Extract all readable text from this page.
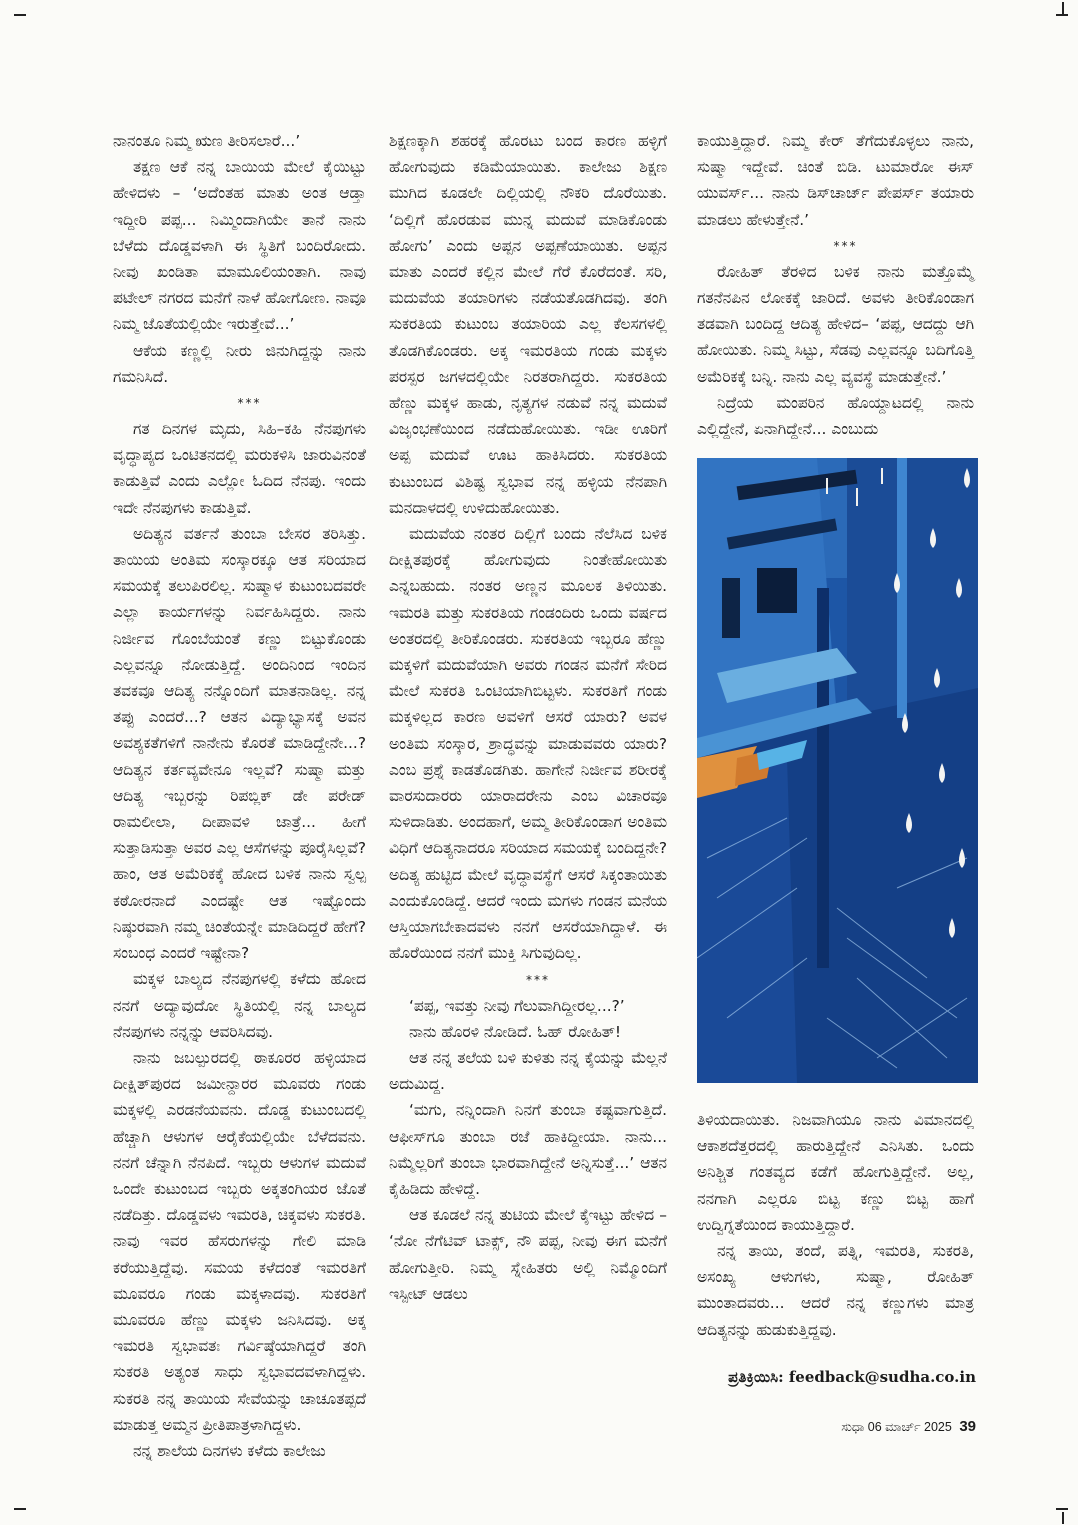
ನಾನಂತೂ ನಿಮ್ಮ ಋಣ ತೀರಿಸಲಾರೆ...’

ತಕ್ಷಣ ಆಕೆ ನನ್ನ ಬಾಯಿಯ ಮೇಲೆ ಕೈಯಿಟ್ಟು ಹೇಳಿದಳು – ‘ಅದೆಂತಹ ಮಾತು ಅಂತ ಆಡ್ತಾ ಇದ್ದೀರಿ ಪಪ್ಪ... ನಿಮ್ಮಿಂದಾಗಿಯೇ ತಾನೆ ನಾನು ಬೆಳೆದು ದೊಡ್ಡವಳಾಗಿ ಈ ಸ್ಥಿತಿಗೆ ಬಂದಿರೋದು. ನೀವು ಖಂಡಿತಾ ಮಾಮೂಲಿಯಂತಾಗಿ. ನಾವು ಪಟೇಲ್ ನಗರದ ಮನೆಗೆ ನಾಳೆ ಹೋಗೋಣ. ನಾವೂ ನಿಮ್ಮ ಜೊತೆಯಲ್ಲಿಯೇ ಇರುತ್ತೇವೆ...’

ಆಕೆಯ ಕಣ್ಣಲ್ಲಿ ನೀರು ಜಿನುಗಿದ್ದನ್ನು ನಾನು ಗಮನಿಸಿದೆ.

***

ಗತ ದಿನಗಳ ಮೃದು, ಸಿಹಿ–ಕಹಿ ನೆನಪುಗಳು ವೃದ್ಧಾಪ್ಯದ ಒಂಟಿತನದಲ್ಲಿ ಮರುಕಳಿಸಿ ಜಾರುವಿನಂತೆ ಕಾಡುತ್ತಿವೆ ಎಂದು ಎಲ್ಲೋ ಓದಿದ ನೆನಪು. ಇಂದು ಇದೇ ನೆನಪುಗಳು ಕಾಡುತ್ತಿವೆ.

ಅದಿತ್ಯನ ವರ್ತನೆ ತುಂಬಾ ಬೇಸರ ತರಿಸಿತ್ತು. ತಾಯಿಯ ಅಂತಿಮ ಸಂಸ್ಕಾರಕ್ಕೂ ಆತ ಸರಿಯಾದ ಸಮಯಕ್ಕೆ ತಲುಪಿರಲಿಲ್ಲ. ಸುಷ್ಮಾಳ ಕುಟುಂಬದವರೇ ಎಲ್ಲಾ ಕಾರ್ಯಗಳನ್ನು ನಿರ್ವಹಿಸಿದ್ದರು. ನಾನು ನಿರ್ಜೀವ ಗೊಂಬೆಯಂತೆ ಕಣ್ಣು ಬಿಟ್ಟುಕೊಂಡು ಎಲ್ಲವನ್ನೂ ನೋಡುತ್ತಿದ್ದೆ. ಅಂದಿನಿಂದ ಇಂದಿನ ತವಕವೂ ಆದಿತ್ಯ ನನ್ನೊಂದಿಗೆ ಮಾತನಾಡಿಲ್ಲ. ನನ್ನ ತಪ್ಪು ಎಂದರೆ...? ಆತನ ವಿದ್ಯಾಭ್ಯಾಸಕ್ಕೆ ಅವನ ಅವಶ್ಯಕತೆಗಳಿಗೆ ನಾನೇನು ಕೊರತೆ ಮಾಡಿದ್ದೇನೇ...? ಆದಿತ್ಯನ ಕರ್ತವ್ಯವೇನೂ ಇಲ್ಲವೆ? ಸುಷ್ಮಾ ಮತ್ತು ಆದಿತ್ಯ ಇಬ್ಬರನ್ನು ರಿಪಬ್ಲಿಕ್ ಡೇ ಪರೇಡ್ ರಾಮಲೀಲಾ, ದೀಪಾವಳಿ ಜಾತ್ರೆ... ಹೀಗೆ ಸುತ್ತಾಡಿಸುತ್ತಾ ಅವರ ಎಲ್ಲ ಆಸೆಗಳನ್ನು ಪೂರೈಸಿಲ್ಲವೆ? ಹಾಂ, ಆತ ಅಮೆರಿಕಕ್ಕೆ ಹೋದ ಬಳಿಕ ನಾನು ಸ್ವಲ್ಪ ಕಠೋರನಾದೆ ಎಂದಷ್ಟೇ ಆತ ಇಷ್ಟೊಂದು ನಿಷ್ಠುರವಾಗಿ ನಮ್ಮ ಚಿಂತೆಯನ್ನೇ ಮಾಡಿದಿದ್ದರೆ ಹೇಗೆ? ಸಂಬಂಧ ಎಂದರೆ ಇಷ್ಟೇನಾ?

ಮಕ್ಕಳ ಬಾಲ್ಯದ ನೆನಪುಗಳಲ್ಲಿ ಕಳೆದು ಹೋದ ನನಗೆ ಅದ್ಯಾವುದೋ ಸ್ಥಿತಿಯಲ್ಲಿ ನನ್ನ ಬಾಲ್ಯದ ನೆನಪುಗಳು ನನ್ನನ್ನು ಆವರಿಸಿದವು.

ನಾನು ಜಬಲ್ಪುರದಲ್ಲಿ ಠಾಕೂರರ ಹಳ್ಳಿಯಾದ ದೀಕ್ಷಿತ್‌ಪುರದ ಜಮೀನ್ದಾರರ ಮೂವರು ಗಂಡು ಮಕ್ಕಳಲ್ಲಿ ಎರಡನೆಯವನು. ದೊಡ್ಡ ಕುಟುಂಬದಲ್ಲಿ ಹೆಚ್ಚಾಗಿ ಆಳುಗಳ ಆರೈಕೆಯಲ್ಲಿಯೇ ಬೆಳೆದವನು. ನನಗೆ ಚೆನ್ನಾಗಿ ನೆನಪಿದೆ. ಇಬ್ಬರು ಆಳುಗಳ ಮದುವೆ ಒಂದೇ ಕುಟುಂಬದ ಇಬ್ಬರು ಅಕ್ಕತಂಗಿಯರ ಜೊತೆ ನಡೆದಿತ್ತು. ದೊಡ್ಡವಳು ಇಮರತಿ, ಚಿಕ್ಕವಳು ಸುಕರತಿ. ನಾವು ಇವರ ಹೆಸರುಗಳನ್ನು ಗೇಲಿ ಮಾಡಿ ಕರೆಯುತ್ತಿದ್ದೆವು. ಸಮಯ ಕಳೆದಂತೆ ಇಮರತಿಗೆ ಮೂವರೂ ಗಂಡು ಮಕ್ಕಳಾದವು. ಸುಕರತಿಗೆ ಮೂವರೂ ಹೆಣ್ಣು ಮಕ್ಕಳು ಜನಿಸಿದವು. ಅಕ್ಕ ಇಮರತಿ ಸ್ವಭಾವತಃ ಗರ್ವಿಷ್ಠೆಯಾಗಿದ್ದರೆ ತಂಗಿ ಸುಕರತಿ ಅತ್ಯಂತ ಸಾಧು ಸ್ವಭಾವದವಳಾಗಿದ್ದಳು. ಸುಕರತಿ ನನ್ನ ತಾಯಿಯ ಸೇವೆಯನ್ನು ಚಾಚೂತಪ್ಪದೆ ಮಾಡುತ್ತ ಅಮ್ಮನ ಪ್ರೀತಿಪಾತ್ರಳಾಗಿದ್ದಳು.

ನನ್ನ ಶಾಲೆಯ ದಿನಗಳು ಕಳೆದು ಕಾಲೇಜು

ಶಿಕ್ಷಣಕ್ಕಾಗಿ ಶಹರಕ್ಕೆ ಹೊರಟು ಬಂದ ಕಾರಣ ಹಳ್ಳಿಗೆ ಹೋಗುವುದು ಕಡಿಮೆಯಾಯಿತು. ಕಾಲೇಜು ಶಿಕ್ಷಣ ಮುಗಿದ ಕೂಡಲೇ ದಿಲ್ಲಿಯಲ್ಲಿ ನೌಕರಿ ದೊರೆಯಿತು. ‘ದಿಲ್ಲಿಗೆ ಹೊರಡುವ ಮುನ್ನ ಮದುವೆ ಮಾಡಿಕೊಂಡು ಹೋಗು’ ಎಂದು ಅಪ್ಪನ ಅಪ್ಪಣೆಯಾಯಿತು. ಅಪ್ಪನ ಮಾತು ಎಂದರೆ ಕಲ್ಲಿನ ಮೇಲೆ ಗೆರೆ ಕೊರೆದಂತೆ. ಸರಿ, ಮದುವೆಯ ತಯಾರಿಗಳು ನಡೆಯತೊಡಗಿದವು. ತಂಗಿ ಸುಕರತಿಯ ಕುಟುಂಬ ತಯಾರಿಯ ಎಲ್ಲ ಕೆಲಸಗಳಲ್ಲಿ ತೊಡಗಿಕೊಂಡರು. ಅಕ್ಕ ಇಮರತಿಯ ಗಂಡು ಮಕ್ಕಳು ಪರಸ್ಪರ ಜಗಳದಲ್ಲಿಯೇ ನಿರತರಾಗಿದ್ದರು. ಸುಕರತಿಯ ಹೆಣ್ಣು ಮಕ್ಕಳ ಹಾಡು, ನೃತ್ಯಗಳ ನಡುವೆ ನನ್ನ ಮದುವೆ ವಿಜೃಂಭಣೆಯಿಂದ ನಡೆದುಹೋಯಿತು. ಇಡೀ ಊರಿಗೆ ಅಪ್ಪ ಮದುವೆ ಊಟ ಹಾಕಿಸಿದರು. ಸುಕರತಿಯ ಕುಟುಂಬದ ವಿಶಿಷ್ಟ ಸ್ವಭಾವ ನನ್ನ ಹಳ್ಳಿಯ ನೆನಪಾಗಿ ಮನದಾಳದಲ್ಲಿ ಉಳಿದುಹೋಯಿತು.

ಮದುವೆಯ ನಂತರ ದಿಲ್ಲಿಗೆ ಬಂದು ನೆಲೆಸಿದ ಬಳಿಕ ದೀಕ್ಷಿತಪುರಕ್ಕೆ ಹೋಗುವುದು ನಿಂತೇಹೋಯಿತು ಎನ್ನಬಹುದು. ನಂತರ ಅಣ್ಣನ ಮೂಲಕ ತಿಳಿಯಿತು. ಇಮರತಿ ಮತ್ತು ಸುಕರತಿಯ ಗಂಡಂದಿರು ಒಂದು ವರ್ಷದ ಅಂತರದಲ್ಲಿ ತೀರಿಕೊಂಡರು. ಸುಕರತಿಯ ಇಬ್ಬರೂ ಹೆಣ್ಣು ಮಕ್ಕಳಿಗೆ ಮದುವೆಯಾಗಿ ಅವರು ಗಂಡನ ಮನೆಗೆ ಸೇರಿದ ಮೇಲೆ ಸುಕರತಿ ಒಂಟಿಯಾಗಿಬಿಟ್ಟಳು. ಸುಕರತಿಗೆ ಗಂಡು ಮಕ್ಕಳಿಲ್ಲದ ಕಾರಣ ಅವಳಿಗೆ ಆಸರೆ ಯಾರು? ಅವಳ ಅಂತಿಮ ಸಂಸ್ಕಾರ, ಶ್ರಾದ್ಧವನ್ನು ಮಾಡುವವರು ಯಾರು? ಎಂಬ ಪ್ರಶ್ನೆ ಕಾಡತೊಡಗಿತು. ಹಾಗೇನೆ ನಿರ್ಜೀವ ಶರೀರಕ್ಕೆ ವಾರಸುದಾರರು ಯಾರಾದರೇನು ಎಂಬ ವಿಚಾರವೂ ಸುಳಿದಾಡಿತು. ಅಂದಹಾಗೆ, ಅಮ್ಮ ತೀರಿಕೊಂಡಾಗ ಅಂತಿಮ ವಿಧಿಗೆ ಆದಿತ್ಯನಾದರೂ ಸರಿಯಾದ ಸಮಯಕ್ಕೆ ಬಂದಿದ್ದನೇ? ಅದಿತ್ಯ ಹುಟ್ಟಿದ ಮೇಲೆ ವೃದ್ಧಾವಸ್ಥೆಗೆ ಆಸರೆ ಸಿಕ್ಕಂತಾಯಿತು ಎಂದುಕೊಂಡಿದ್ದೆ. ಆದರೆ ಇಂದು ಮಗಳು ಗಂಡನ ಮನೆಯ ಆಸ್ತಿಯಾಗಬೇಕಾದವಳು ನನಗೆ ಆಸರೆಯಾಗಿದ್ದಾಳೆ. ಈ ಹೊರೆಯಿಂದ ನನಗೆ ಮುಕ್ತಿ ಸಿಗುವುದಿಲ್ಲ.

***

‘ಪಪ್ಪ, ಇವತ್ತು ನೀವು ಗೆಲುವಾಗಿದ್ದೀರಲ್ಲ...?’

ನಾನು ಹೊರಳಿ ನೋಡಿದೆ. ಓಹ್ ರೋಹಿತ್!

ಆತ ನನ್ನ ತಲೆಯ ಬಳಿ ಕುಳಿತು ನನ್ನ ಕೈಯನ್ನು ಮೆಲ್ಲನೆ ಅದುಮಿದ್ದ.

‘ಮಗು, ನನ್ನಿಂದಾಗಿ ನಿನಗೆ ತುಂಬಾ ಕಷ್ಟವಾಗುತ್ತಿದೆ. ಆಫೀಸ್‌ಗೂ ತುಂಬಾ ರಜೆ ಹಾಕಿದ್ದೀಯಾ. ನಾನು... ನಿಮ್ಮೆಲ್ಲರಿಗೆ ತುಂಬಾ ಭಾರವಾಗಿದ್ದೇನೆ ಅನ್ನಿಸುತ್ತೆ...’ ಆತನ ಕೈಹಿಡಿದು ಹೇಳಿದ್ದೆ.

ಆತ ಕೂಡಲೆ ನನ್ನ ತುಟಿಯ ಮೇಲೆ ಕೈಇಟ್ಟು ಹೇಳಿದ – ‘ನೋ ನೆಗೆಟಿವ್ ಟಾಕ್ಸ್, ನೌ ಪಪ್ಪ, ನೀವು ಈಗ ಮನೆಗೆ ಹೋಗುತ್ತೀರಿ. ನಿಮ್ಮ ಸ್ನೇಹಿತರು ಅಲ್ಲಿ ನಿಮ್ಮೊಂದಿಗೆ ಇಸ್ಪೀಟ್ ಆಡಲು

ಕಾಯುತ್ತಿದ್ದಾರೆ. ನಿಮ್ಮ ಕೇರ್ ತೆಗೆದುಕೊಳ್ಳಲು ನಾನು, ಸುಷ್ಮಾ ಇದ್ದೇವೆ. ಚಿಂತೆ ಬಿಡಿ. ಟುಮಾರೋ ಈಸ್ ಯುವರ್ಸ್... ನಾನು ಡಿಸ್‌ಚಾರ್ಜ್ ಪೇಪರ್ಸ್ ತಯಾರು ಮಾಡಲು ಹೇಳುತ್ತೇನೆ.’

***

ರೋಹಿತ್ ತೆರಳಿದ ಬಳಿಕ ನಾನು ಮತ್ತೊಮ್ಮೆ ಗತನೆನಪಿನ ಲೋಕಕ್ಕೆ ಜಾರಿದೆ. ಅವಳು ತೀರಿಕೊಂಡಾಗ ತಡವಾಗಿ ಬಂದಿದ್ದ ಆದಿತ್ಯ ಹೇಳಿದ– ‘ಪಪ್ಪ, ಆದದ್ದು ಆಗಿ ಹೋಯಿತು. ನಿಮ್ಮ ಸಿಟ್ಟು, ಸೆಡವು ಎಲ್ಲವನ್ನೂ ಬದಿಗೊತ್ತಿ ಅಮೆರಿಕಕ್ಕೆ ಬನ್ನಿ. ನಾನು ಎಲ್ಲ ವ್ಯವಸ್ಥೆ ಮಾಡುತ್ತೇನೆ.’

ನಿದ್ರೆಯ ಮಂಪರಿನ ಹೊಯ್ದಾಟದಲ್ಲಿ ನಾನು ಎಲ್ಲಿದ್ದೇನೆ, ಏನಾಗಿದ್ದೇನೆ... ಎಂಬುದು

ತಿಳಿಯದಾಯಿತು. ನಿಜವಾಗಿಯೂ ನಾನು ವಿಮಾನದಲ್ಲಿ ಆಕಾಶದೆತ್ತರದಲ್ಲಿ ಹಾರುತ್ತಿದ್ದೇನೆ ಎನಿಸಿತು. ಒಂದು ಅನಿಶ್ಚಿತ ಗಂತವ್ಯದ ಕಡೆಗೆ ಹೋಗುತ್ತಿದ್ದೇನೆ. ಅಲ್ಲ, ನನಗಾಗಿ ಎಲ್ಲರೂ ಬಿಟ್ಟ ಕಣ್ಣು ಬಿಟ್ಟ ಹಾಗೆ ಉದ್ವಿಗ್ನತೆಯಿಂದ ಕಾಯುತ್ತಿದ್ದಾರೆ.

ನನ್ನ ತಾಯಿ, ತಂದೆ, ಪತ್ನಿ, ಇಮರತಿ, ಸುಕರತಿ, ಅಸಂಖ್ಯ ಆಳುಗಳು, ಸುಷ್ಮಾ, ರೋಹಿತ್ ಮುಂತಾದವರು... ಆದರೆ ನನ್ನ ಕಣ್ಣುಗಳು ಮಾತ್ರ ಆದಿತ್ಯನನ್ನು ಹುಡುಕುತ್ತಿದ್ದವು.

ಪ್ರತಿಕ್ರಿಯಿಸಿ: feedback@sudha.co.in
ಸುಧಾ 06 ಮಾರ್ಚ್ 2025 39
